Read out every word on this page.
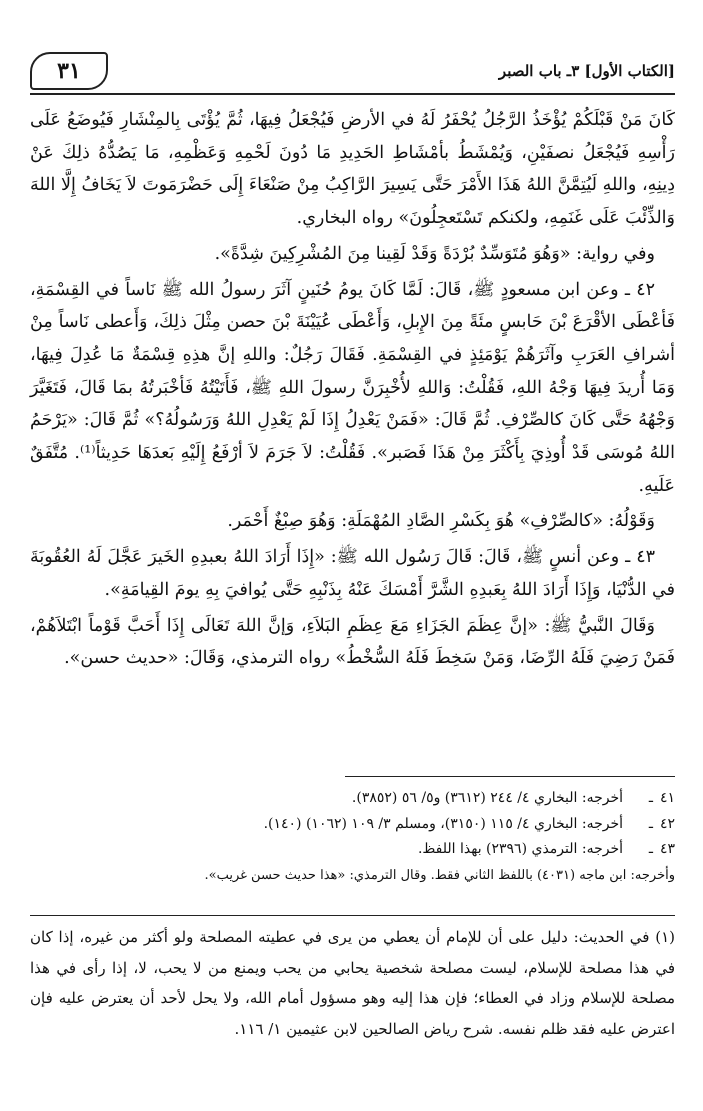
[الكتاب الأول] ٣ـ باب الصبر
٣١

كَانَ مَنْ قَبْلَكُمْ يُؤْخَذُ الرَّجُلُ يُحْفَرُ لَهُ في الأرضِ فَيُجْعَلُ فِيهَا، ثُمَّ يُؤْتَى بِالمِنْشَارِ فَيُوضَعُ عَلَى رَأْسِهِ فَيُجْعَلُ نصفَيْنِ، وَيُمْشَطُ بأمْشَاطِ الحَدِيدِ مَا دُونَ لَحْمِهِ وَعَظْمِهِ، مَا يَصُدُّهُ ذلِكَ عَنْ دِينِهِ، واللهِ لَيُتِمَّنَّ اللهُ هَذَا الأَمْرَ حَتَّى يَسِيرَ الرَّاكِبُ مِنْ صَنْعَاءَ إِلَى حَضْرَمَوتَ لاَ يَخَافُ إِلَّا اللهَ وَالذِّئْبَ عَلَى غَنَمِهِ، ولكنكم تَسْتَعجِلُونَ» رواه البخاري.

وفي رواية: «وَهُوَ مُتَوَسِّدٌ بُرْدَةً وَقَدْ لَقِينا مِنَ المُشْرِكِينَ شِدَّةً».

٤٢ ـ وعن ابن مسعودٍ ﷺ، قَالَ: لَمَّا كَانَ يومُ حُنَينٍ آثَرَ رسولُ الله ﷺ نَاساً في القِسْمَةِ، فَأعْطَى الأقْرَعَ بْنَ حَابسٍ مئَةً مِنَ الإِبلِ، وَأَعْطَى عُيَيْنَةَ بْنَ حصن مِثْلَ ذلِكَ، وَأَعطى نَاساً مِنْ أشرافِ العَرَبِ وآثَرَهُمْ يَوْمَئِذٍ في القِسْمَةِ. فَقَالَ رَجُلٌ: واللهِ إنَّ هذِهِ قِسْمَةٌ مَا عُدِلَ فِيهَا، وَمَا أُريدَ فِيهَا وَجْهُ اللهِ، فَقُلْتُ: وَاللهِ لأُخْبِرَنَّ رسولَ اللهِ ﷺ، فَأَتَيْتُهُ فَأخْبَرتُهُ بمَا قَالَ، فَتَغَيَّرَ وَجْهُهُ حَتَّى كَانَ كالصِّرْفِ. ثُمَّ قَالَ: «فَمَنْ يَعْدِلُ إِذَا لَمْ يَعْدِلِ اللهُ وَرَسُولُهُ؟» ثُمَّ قَالَ: «يَرْحَمُ اللهُ مُوسَى قَدْ أُوذِيَ بِأَكْثَرَ مِنْ هَذَا فَصَبر». فَقُلْتُ: لاَ جَرَمَ لاَ أرْفَعُ إِلَيْهِ بَعدَهَا حَدِيثاً⁽¹⁾. مُتَّفَقٌ عَلَيهِ.

وَقَوْلُهُ: «كالصِّرْفِ» هُوَ بِكَسْرِ الصَّادِ المُهْمَلَةِ: وَهُوَ صِبْغٌ أَحْمَر.

٤٣ ـ وعن أنسٍ ﷺ، قَالَ: قَالَ رَسُول الله ﷺ: «إِذَا أَرَادَ اللهُ بعبدِهِ الخَيرَ عَجَّلَ لَهُ العُقُوبَةَ في الدُّنْيَا، وَإِذَا أَرَادَ اللهُ بِعَبدِهِ الشَّرَّ أَمْسَكَ عَنْهُ بِذَنْبِهِ حَتَّى يُوافيَ بِهِ يومَ القِيامَةِ».

وَقَالَ النَّبيُّ ﷺ: «إنَّ عِظَمَ الجَزَاءِ مَعَ عِظَمِ البَلاَءِ، وَإنَّ اللهَ تَعَالَى إِذَا أَحَبَّ قَوْماً ابْتَلاَهُمْ، فَمَنْ رَضِيَ فَلَهُ الرِّضَا، وَمَنْ سَخِطَ فَلَهُ السُّخْطُ» رواه الترمذي، وَقَالَ: «حديث حسن».

٤١
ـ
أخرجه: البخاري ٤/ ٢٤٤ (٣٦١٢) و٥/ ٥٦ (٣٨٥٢).
٤٢
ـ
أخرجه: البخاري ٤/ ١١٥ (٣١٥٠)، ومسلم ٣/ ١٠٩ (١٠٦٢) (١٤٠).
٤٣
ـ
أخرجه: الترمذي (٢٣٩٦) بهذا اللفظ.
وأخرجه: ابن ماجه (٤٠٣١) باللفظ الثاني فقط. وقال الترمذي: «هذا حديث حسن غريب».
(١) في الحديث: دليل على أن للإمام أن يعطي من يرى في عطيته المصلحة ولو أكثر من غيره، إذا كان في هذا مصلحة للإسلام، ليست مصلحة شخصية يحابي من يحب ويمنع من لا يحب، لا، إذا رأى في هذا مصلحة للإسلام وزاد في العطاء؛ فإن هذا إليه وهو مسؤول أمام الله، ولا يحل لأحد أن يعترض عليه فإن اعترض عليه فقد ظلم نفسه. شرح رياض الصالحين لابن عثيمين ١/ ١١٦.
